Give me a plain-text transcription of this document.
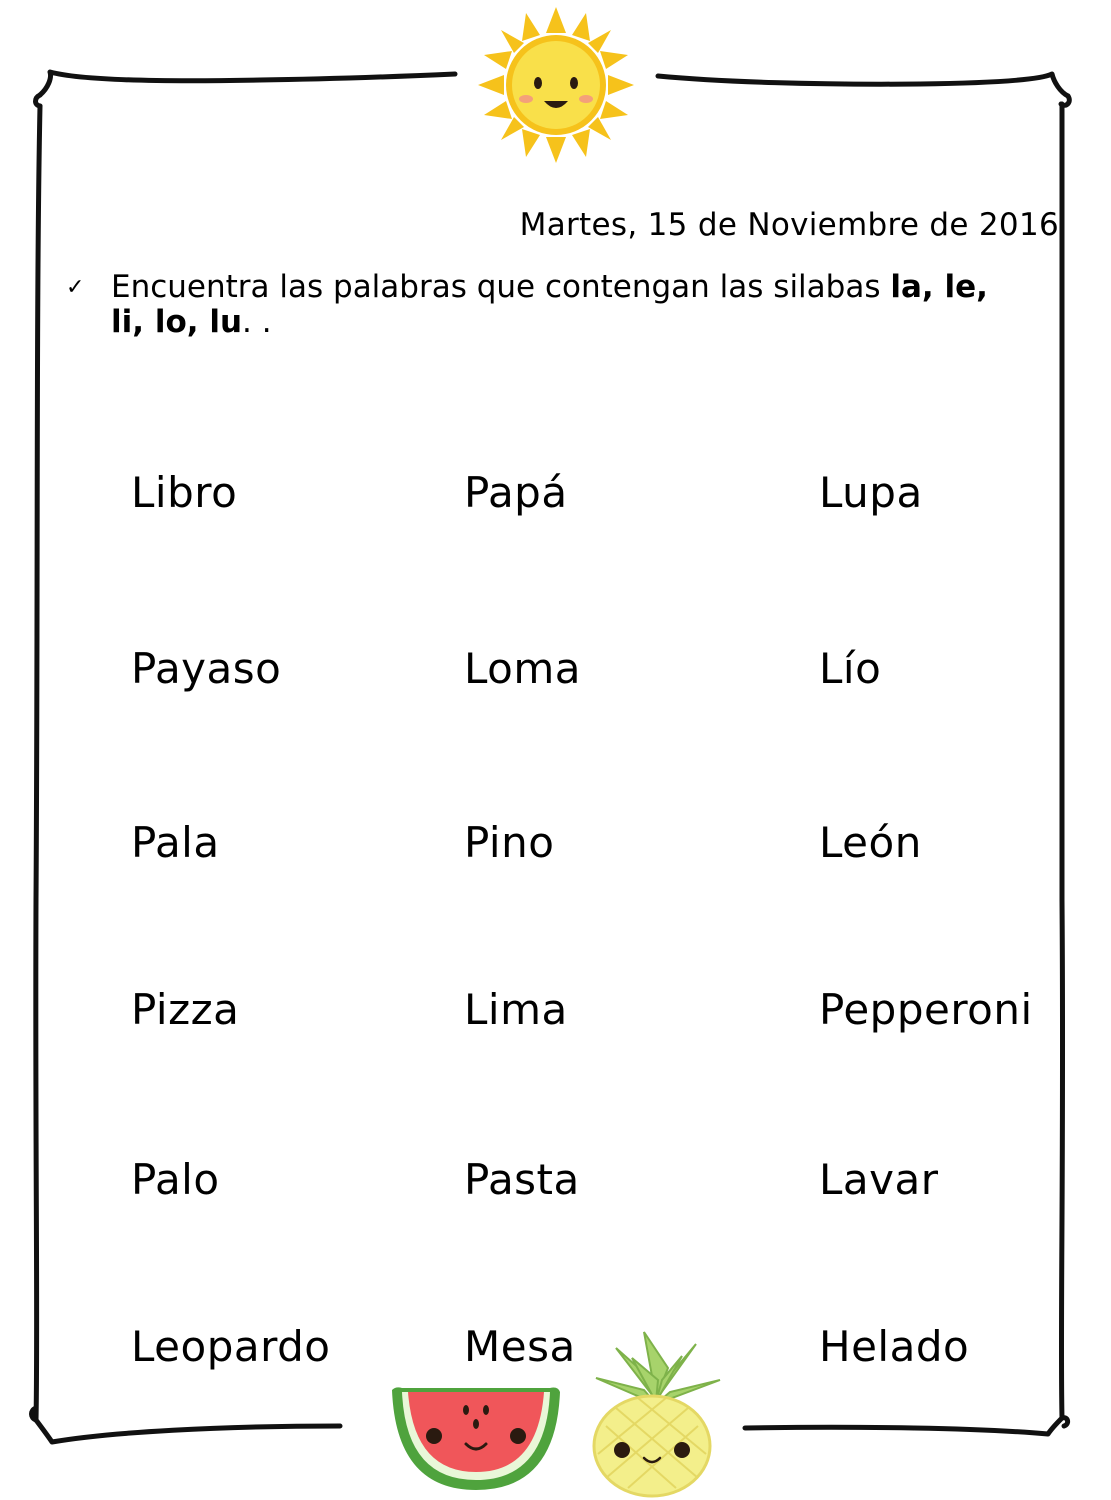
Martes, 15 de Noviembre de 2016
✓ Encuentra las palabras que contengan las silabas la, le, li, lo, lu. .
Libro	Papá	Lupa
Payaso	Loma	Lío
Pala	Pino	León
Pizza	Lima	Pepperoni
Palo	Pasta	Lavar
Leopardo	Mesa	Helado
